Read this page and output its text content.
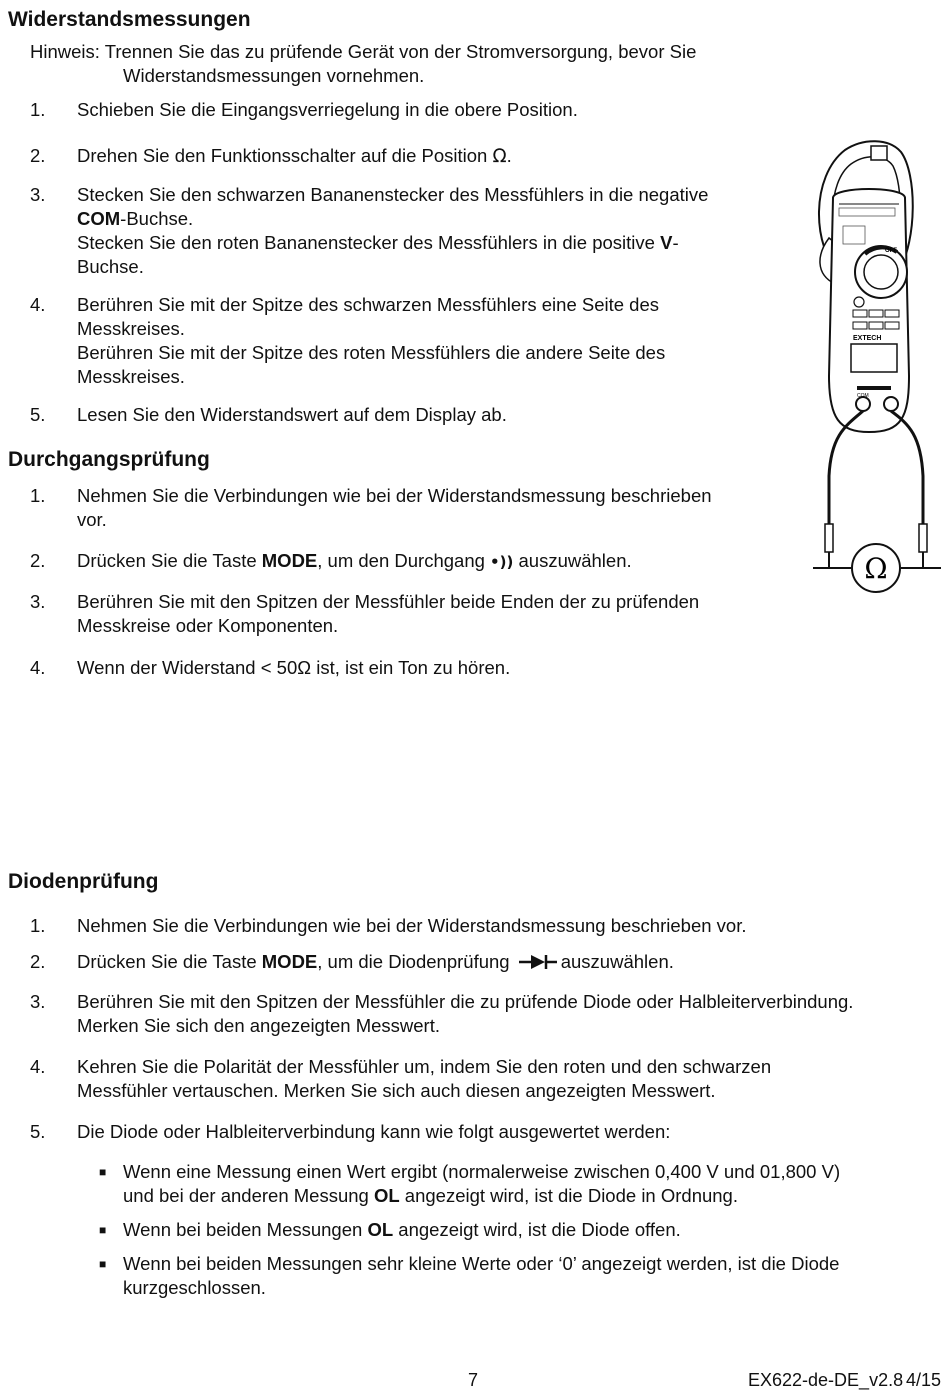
Widerstandsmessungen
Hinweis: Trennen Sie das zu prüfende Gerät von der Stromversorgung, bevor Sie
Widerstandsmessungen vornehmen.
1. Schieben Sie die Eingangsverriegelung in die obere Position.
2. Drehen Sie den Funktionsschalter auf die Position Ω.
3. Stecken Sie den schwarzen Bananenstecker des Messfühlers in die negative
COM-Buchse.
Stecken Sie den roten Bananenstecker des Messfühlers in die positive V-
Buchse.
4. Berühren Sie mit der Spitze des schwarzen Messfühlers eine Seite des
Messkreises.
Berühren Sie mit der Spitze des roten Messfühlers die andere Seite des
Messkreises.
5. Lesen Sie den Widerstandswert auf dem Display ab.
Durchgangsprüfung
1. Nehmen Sie die Verbindungen wie bei der Widerstandsmessung beschrieben
vor.
2. Drücken Sie die Taste MODE, um den Durchgang •)) auszuwählen.
3. Berühren Sie mit den Spitzen der Messfühler beide Enden der zu prüfenden
Messkreise oder Komponenten.
4. Wenn der Widerstand < 50Ω ist, ist ein Ton zu hören.
OFF
EXTECH
COM
Ω
Diodenprüfung
1. Nehmen Sie die Verbindungen wie bei der Widerstandsmessung beschrieben vor.
2. Drücken Sie die Taste MODE, um die Diodenprüfung	auszuwählen.
3. Berühren Sie mit den Spitzen der Messfühler die zu prüfende Diode oder Halbleiterverbindung.
Merken Sie sich den angezeigten Messwert.
4. Kehren Sie die Polarität der Messfühler um, indem Sie den roten und den schwarzen
Messfühler vertauschen. Merken Sie sich auch diesen angezeigten Messwert.
5. Die Diode oder Halbleiterverbindung kann wie folgt ausgewertet werden:
■ Wenn eine Messung einen Wert ergibt (normalerweise zwischen 0,400 V und 01,800 V)
und bei der anderen Messung OL angezeigt wird, ist die Diode in Ordnung.
■ Wenn bei beiden Messungen OL angezeigt wird, ist die Diode offen.
■ Wenn bei beiden Messungen sehr kleine Werte oder ‘0’ angezeigt werden, ist die Diode
kurzgeschlossen.
7	EX622-de-DE_v2.8 4/15
